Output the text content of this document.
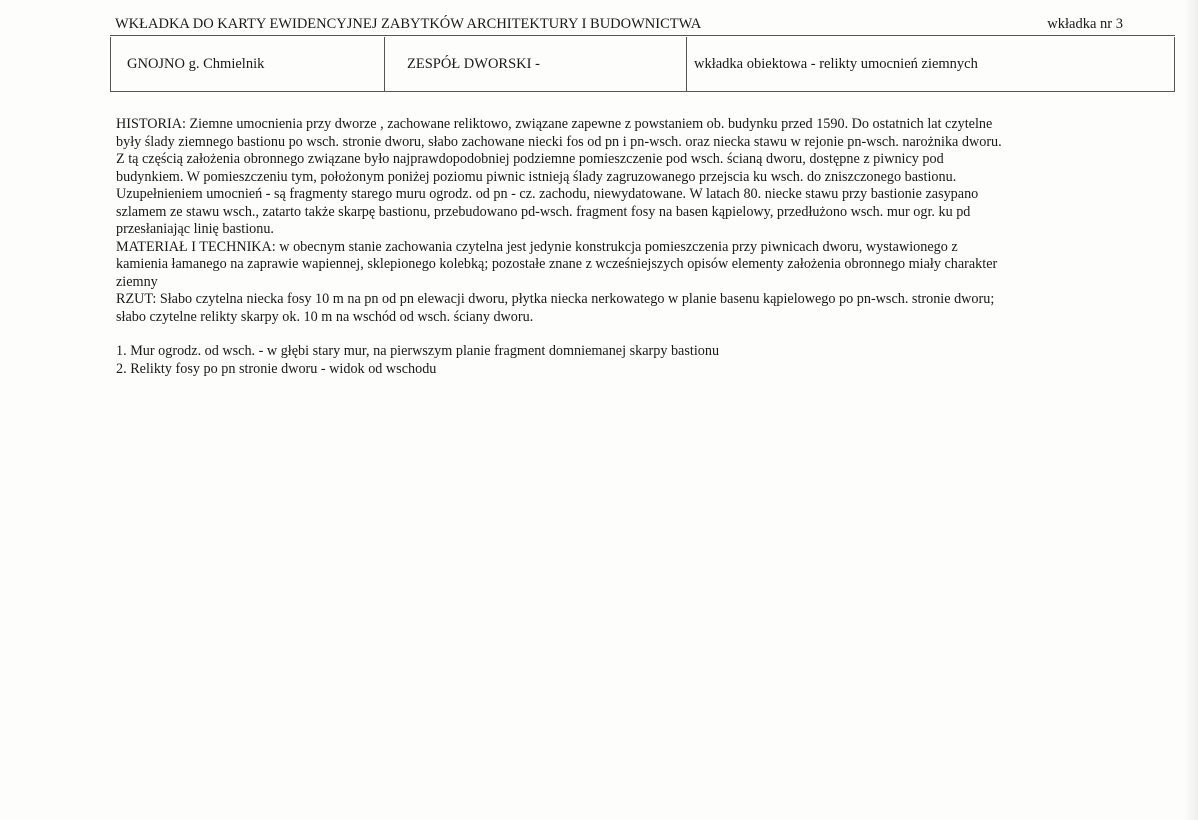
WKŁADKA DO KARTY EWIDENCYJNEJ ZABYTKÓW ARCHITEKTURY I BUDOWNICTWA	wkładka nr 3
GNOJNO g. Chmielnik	ZESPÓŁ DWORSKI -	wkładka obiektowa - relikty umocnień ziemnych

HISTORIA: Ziemne umocnienia przy dworze , zachowane reliktowo, związane zapewne z powstaniem ob. budynku przed 1590. Do ostatnich lat czytelne

były ślady ziemnego bastionu po wsch. stronie dworu, słabo zachowane niecki fos od pn i pn-wsch. oraz niecka stawu w rejonie pn-wsch. narożnika dworu.

Z tą częścią założenia obronnego związane było najprawdopodobniej podziemne pomieszczenie pod wsch. ścianą dworu, dostępne z piwnicy pod

budynkiem. W pomieszczeniu tym, położonym poniżej poziomu piwnic istnieją ślady zagruzowanego przejscia ku wsch. do zniszczonego bastionu.

Uzupełnieniem umocnień - są fragmenty starego muru ogrodz. od pn - cz. zachodu, niewydatowane. W latach 80. niecke stawu przy bastionie zasypano

szlamem ze stawu wsch., zatarto także skarpę bastionu, przebudowano pd-wsch. fragment fosy na basen kąpielowy, przedłużono wsch. mur ogr. ku pd

przesłaniając linię bastionu.

MATERIAŁ I TECHNIKA: w obecnym stanie zachowania czytelna jest jedynie konstrukcja pomieszczenia przy piwnicach dworu, wystawionego z

kamienia łamanego na zaprawie wapiennej, sklepionego kolebką; pozostałe znane z wcześniejszych opisów elementy założenia obronnego miały charakter

ziemny

RZUT: Słabo czytelna niecka fosy 10 m na pn od pn elewacji dworu, płytka niecka nerkowatego w planie basenu kąpielowego po pn-wsch. stronie dworu;

słabo czytelne relikty skarpy ok. 10 m na wschód od wsch. ściany dworu.

1. Mur ogrodz. od wsch. - w głębi stary mur, na pierwszym planie fragment domniemanej skarpy bastionu

2. Relikty fosy po pn stronie dworu - widok od wschodu
